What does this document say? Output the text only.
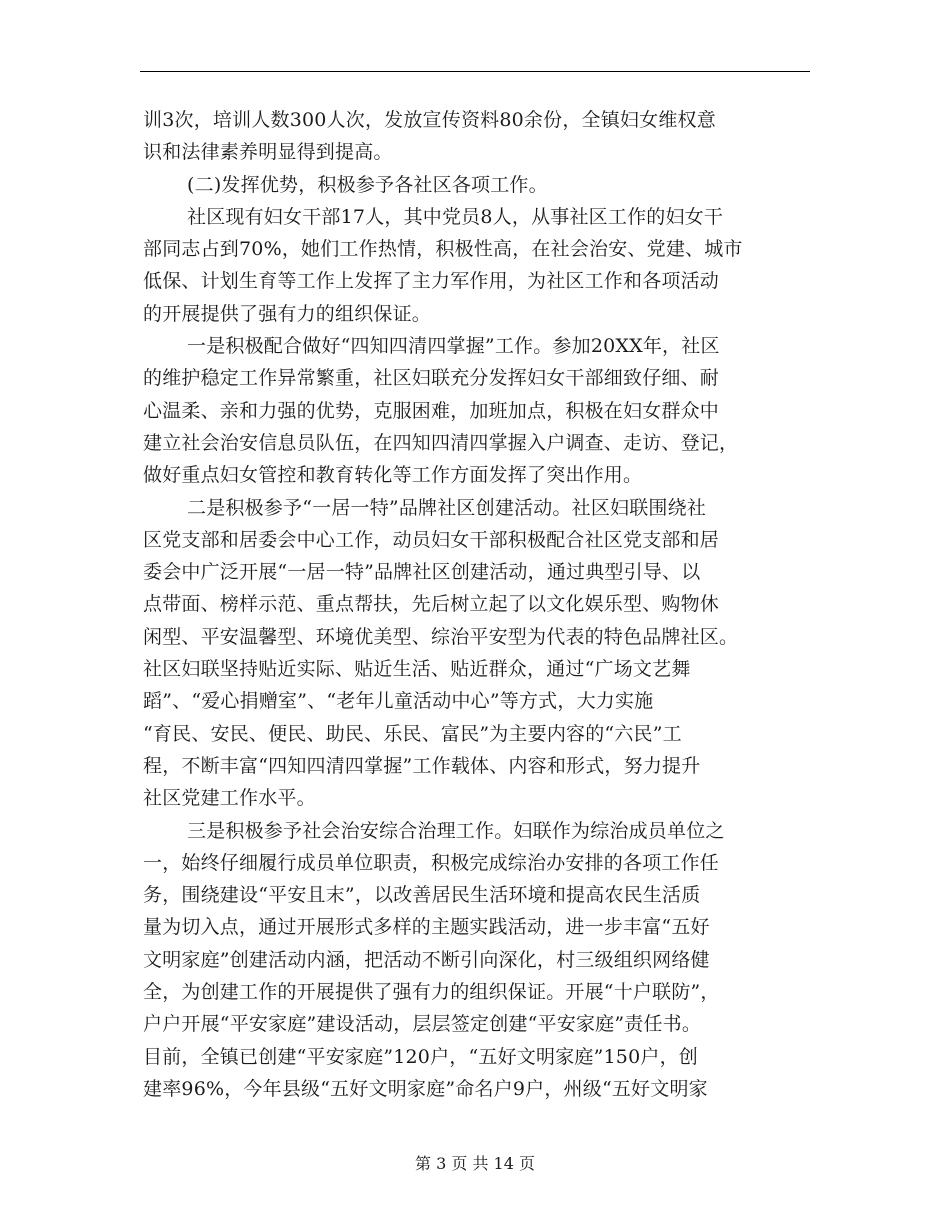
训3次，培训人数300人次，发放宣传资料80余份，全镇妇女维权意
识和法律素养明显得到提高。
(二)发挥优势，积极参予各社区各项工作。
社区现有妇女干部17人，其中党员8人，从事社区工作的妇女干
部同志占到70%，她们工作热情，积极性高，在社会治安、党建、城市
低保、计划生育等工作上发挥了主力军作用，为社区工作和各项活动
的开展提供了强有力的组织保证。
一是积极配合做好“四知四清四掌握”工作。参加20XX年，社区
的维护稳定工作异常繁重，社区妇联充分发挥妇女干部细致仔细、耐
心温柔、亲和力强的优势，克服困难，加班加点，积极在妇女群众中
建立社会治安信息员队伍，在四知四清四掌握入户调查、走访、登记，
做好重点妇女管控和教育转化等工作方面发挥了突出作用。
二是积极参予“一居一特”品牌社区创建活动。社区妇联围绕社
区党支部和居委会中心工作，动员妇女干部积极配合社区党支部和居
委会中广泛开展“一居一特”品牌社区创建活动，通过典型引导、以
点带面、榜样示范、重点帮扶，先后树立起了以文化娱乐型、购物休
闲型、平安温馨型、环境优美型、综治平安型为代表的特色品牌社区。
社区妇联坚持贴近实际、贴近生活、贴近群众，通过“广场文艺舞
蹈”、“爱心捐赠室”、“老年儿童活动中心”等方式，大力实施
“育民、安民、便民、助民、乐民、富民”为主要内容的“六民”工
程，不断丰富“四知四清四掌握”工作载体、内容和形式，努力提升
社区党建工作水平。
三是积极参予社会治安综合治理工作。妇联作为综治成员单位之
一，始终仔细履行成员单位职责，积极完成综治办安排的各项工作任
务，围绕建设“平安且末”，以改善居民生活环境和提高农民生活质
量为切入点，通过开展形式多样的主题实践活动，进一步丰富“五好
文明家庭”创建活动内涵，把活动不断引向深化，村三级组织网络健
全，为创建工作的开展提供了强有力的组织保证。开展“十户联防”，
户户开展“平安家庭”建设活动，层层签定创建“平安家庭”责任书。
目前，全镇已创建“平安家庭”120户，“五好文明家庭”150户，创
建率96%，今年县级“五好文明家庭”命名户9户，州级“五好文明家
第 3 页 共 14 页
